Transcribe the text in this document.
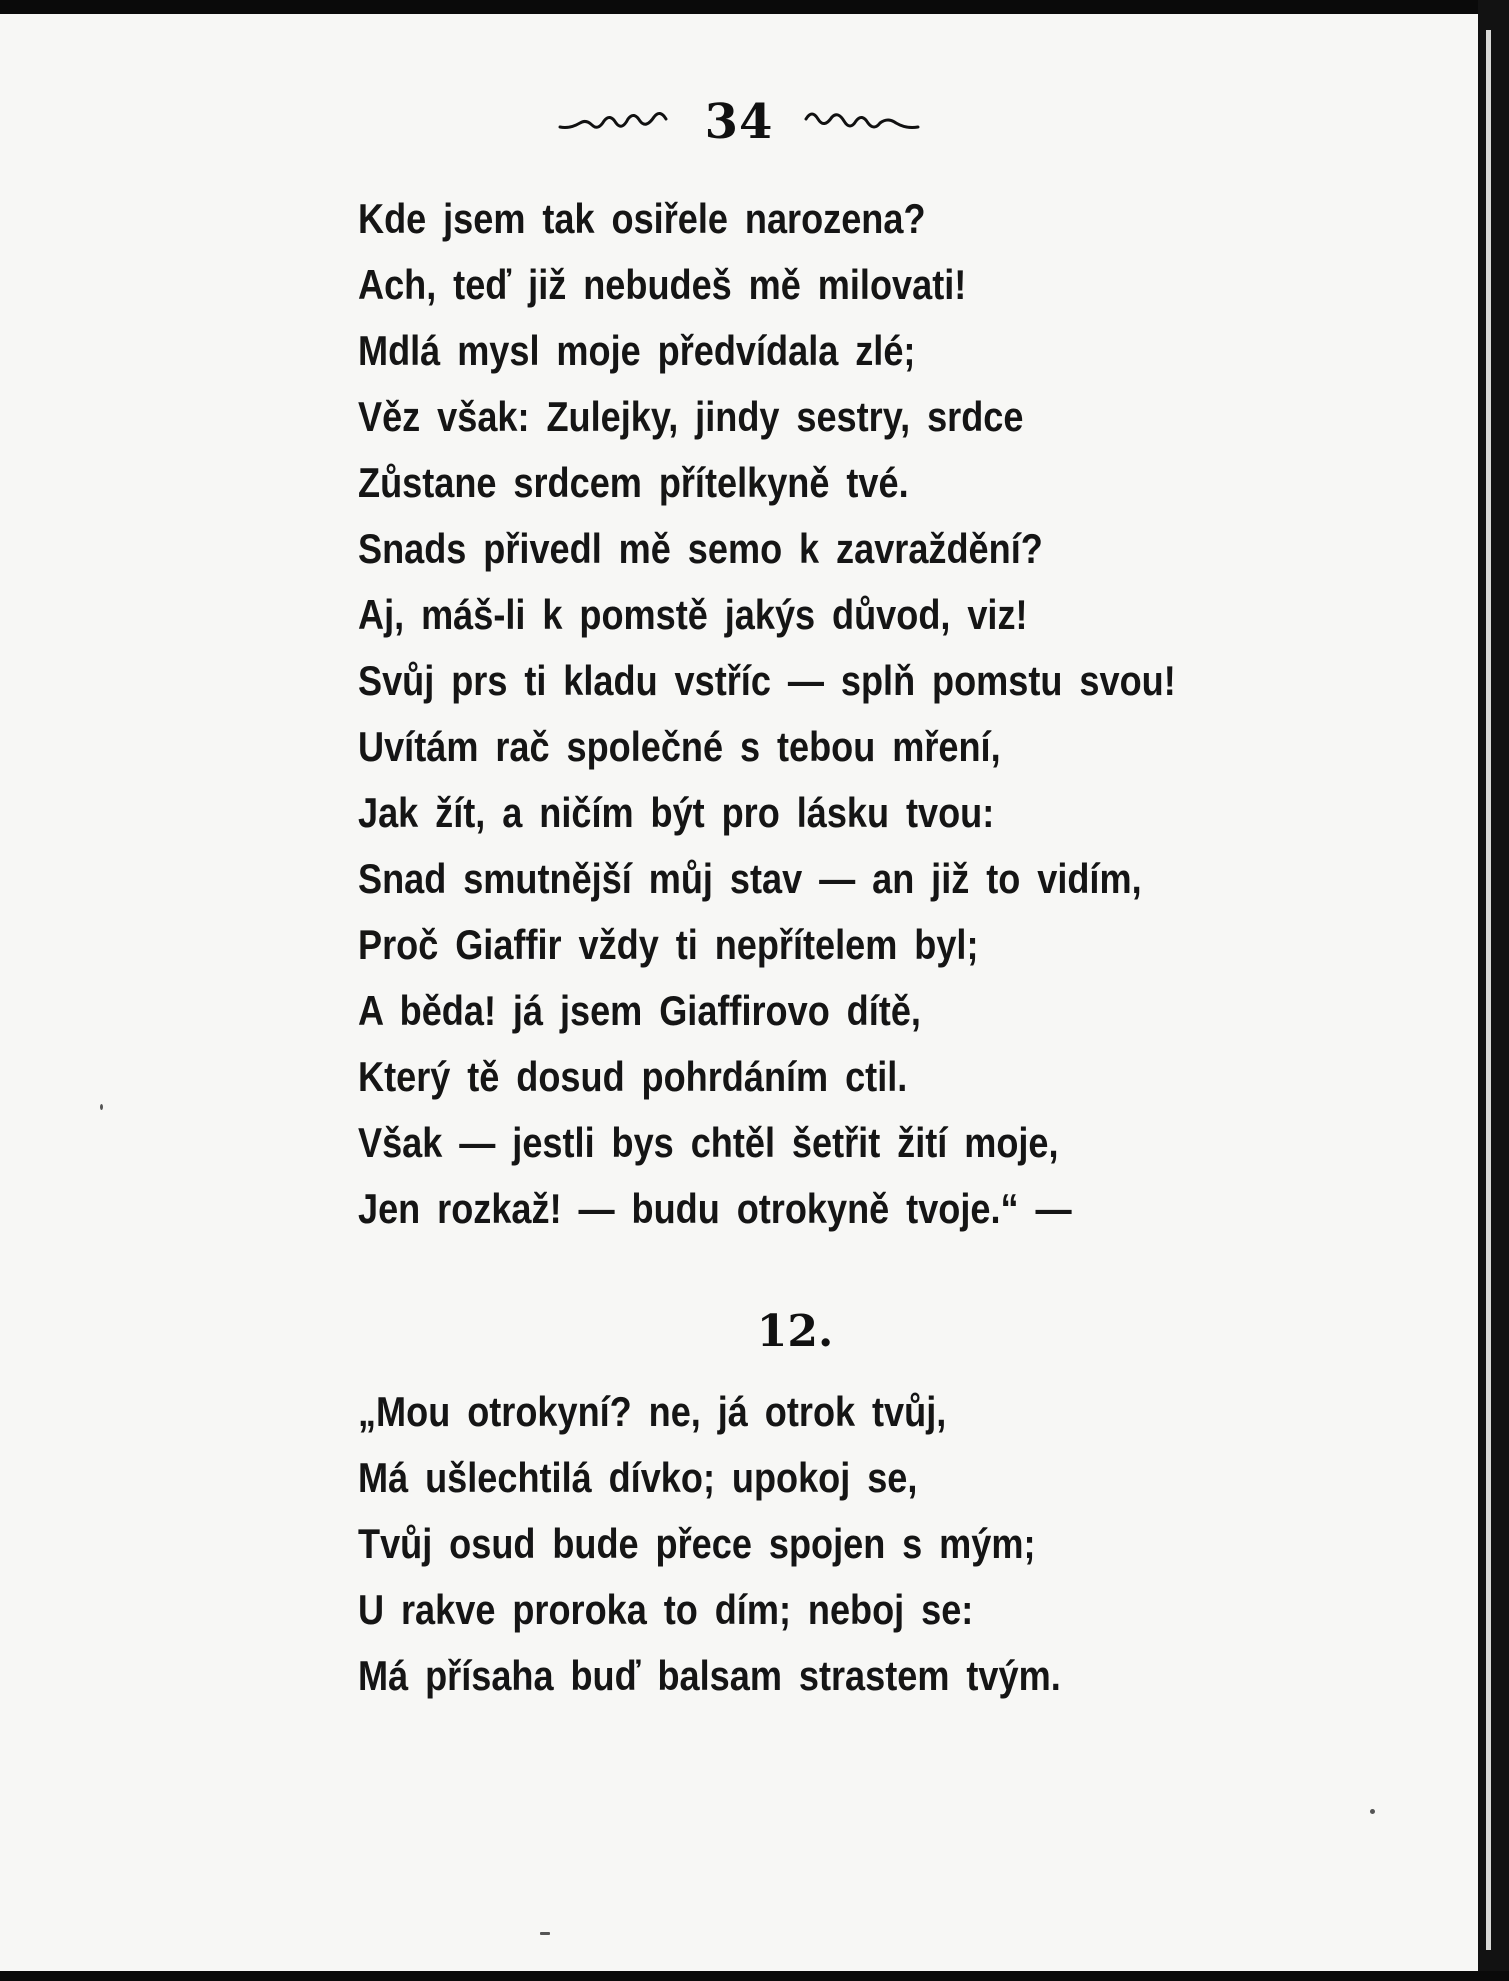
34
Kde jsem tak osiřele narozena?
Ach, teď již nebudeš mě milovati!
Mdlá mysl moje předvídala zlé;
Věz však: Zulejky, jindy sestry, srdce
Zůstane srdcem přítelkyně tvé.
Snads přivedl mě semo k zavraždění?
Aj, máš-li k pomstě jakýs důvod, viz!
Svůj prs ti kladu vstříc — splň pomstu svou!
Uvítám rač společné s tebou mření,
Jak žít, a ničím být pro lásku tvou:
Snad smutnější můj stav — an již to vidím,
Proč Giaffir vždy ti nepřítelem byl;
A běda! já jsem Giaffirovo dítě,
Který tě dosud pohrdáním ctil.
Však — jestli bys chtěl šetřit žití moje,
Jen rozkaž! — budu otrokyně tvoje.“ —
12.
„Mou otrokyní? ne, já otrok tvůj,
Má ušlechtilá dívko; upokoj se,
Tvůj osud bude přece spojen s mým;
U rakve proroka to dím; neboj se:
Má přísaha buď balsam strastem tvým.
